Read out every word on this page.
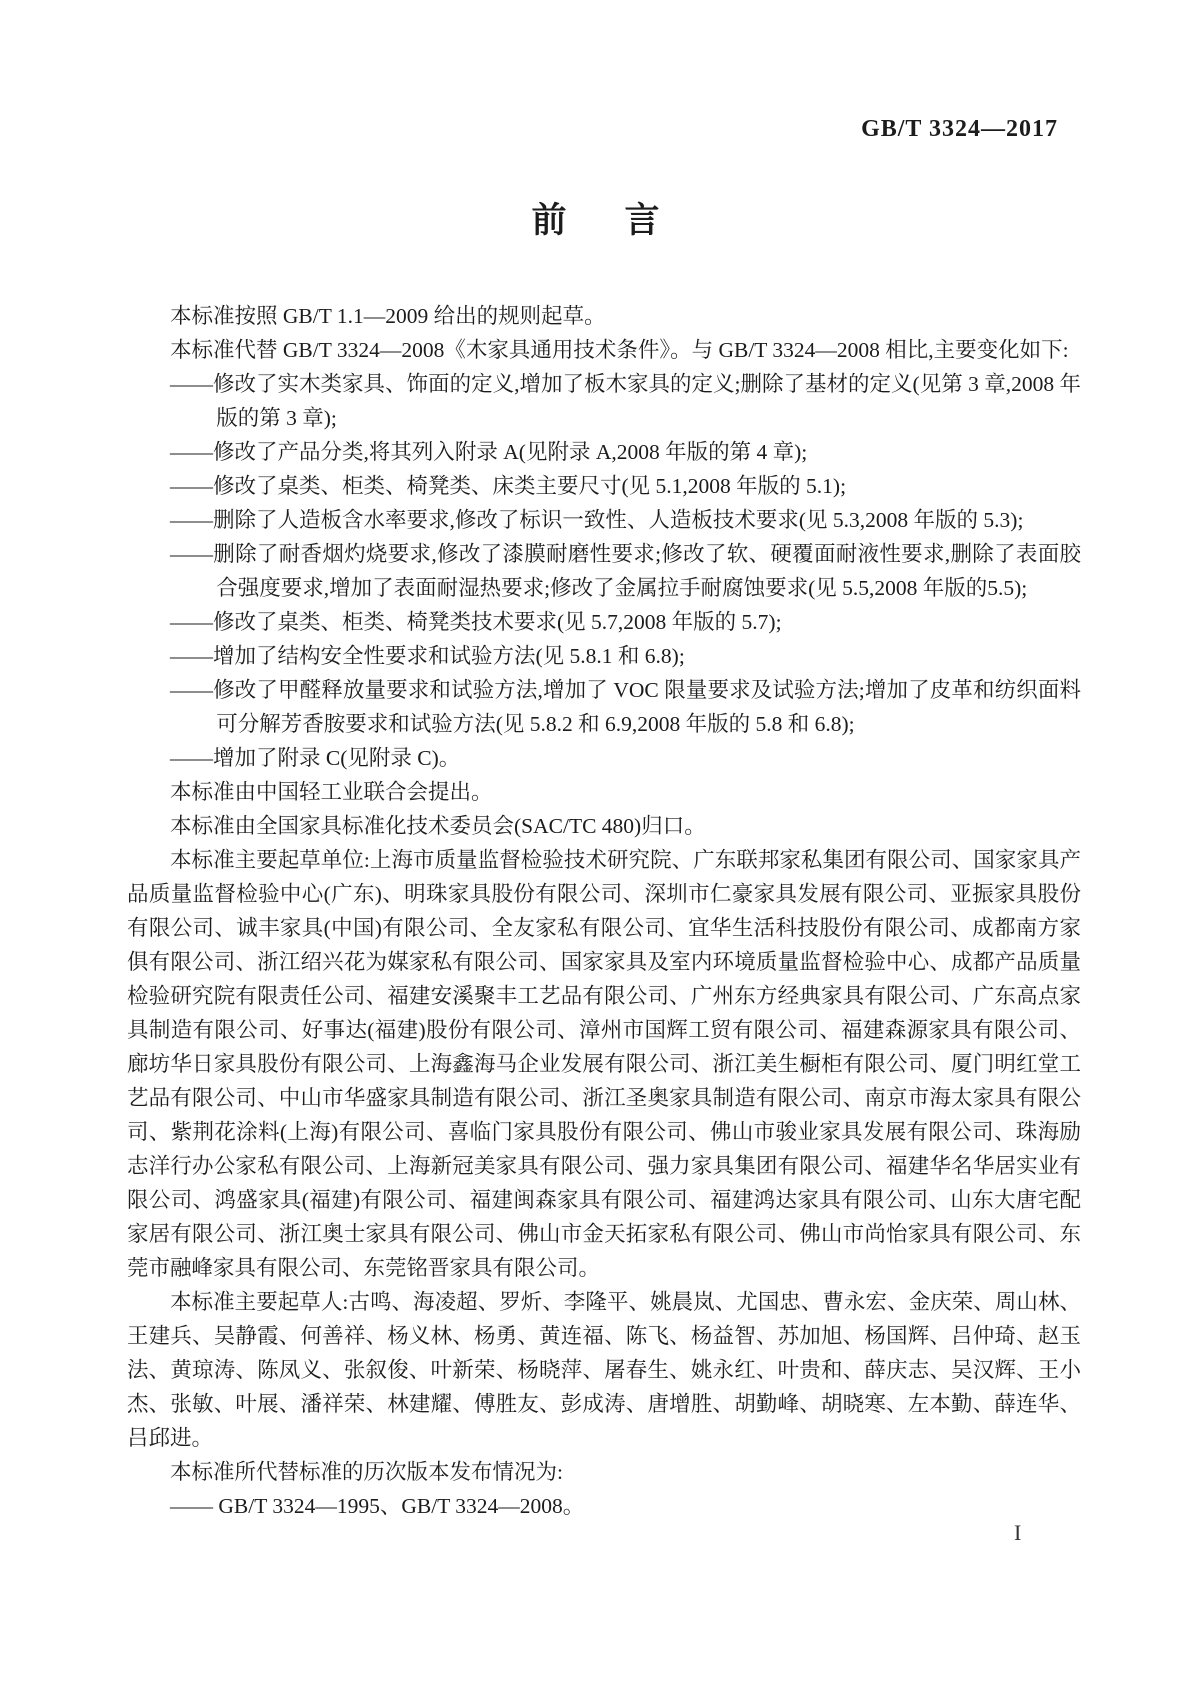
GB/T 3324—2017
前 言

本标准按照 GB/T 1.1—2009 给出的规则起草。

本标准代替 GB/T 3324—2008《木家具通用技术条件》。与 GB/T 3324—2008 相比,主要变化如下:

——修改了实木类家具、饰面的定义,增加了板木家具的定义;删除了基材的定义(见第 3 章,2008 年版的第 3 章);

——修改了产品分类,将其列入附录 A(见附录 A,2008 年版的第 4 章);

——修改了桌类、柜类、椅凳类、床类主要尺寸(见 5.1,2008 年版的 5.1);

——删除了人造板含水率要求,修改了标识一致性、人造板技术要求(见 5.3,2008 年版的 5.3);

——删除了耐香烟灼烧要求,修改了漆膜耐磨性要求;修改了软、硬覆面耐液性要求,删除了表面胶合强度要求,增加了表面耐湿热要求;修改了金属拉手耐腐蚀要求(见 5.5,2008 年版的5.5);

——修改了桌类、柜类、椅凳类技术要求(见 5.7,2008 年版的 5.7);

——增加了结构安全性要求和试验方法(见 5.8.1 和 6.8);

——修改了甲醛释放量要求和试验方法,增加了 VOC 限量要求及试验方法;增加了皮革和纺织面料可分解芳香胺要求和试验方法(见 5.8.2 和 6.9,2008 年版的 5.8 和 6.8);

——增加了附录 C(见附录 C)。

本标准由中国轻工业联合会提出。

本标准由全国家具标准化技术委员会(SAC/TC 480)归口。

本标准主要起草单位:上海市质量监督检验技术研究院、广东联邦家私集团有限公司、国家家具产品质量监督检验中心(广东)、明珠家具股份有限公司、深圳市仁豪家具发展有限公司、亚振家具股份有限公司、诚丰家具(中国)有限公司、全友家私有限公司、宜华生活科技股份有限公司、成都南方家俱有限公司、浙江绍兴花为媒家私有限公司、国家家具及室内环境质量监督检验中心、成都产品质量检验研究院有限责任公司、福建安溪聚丰工艺品有限公司、广州东方经典家具有限公司、广东高点家具制造有限公司、好事达(福建)股份有限公司、漳州市国辉工贸有限公司、福建森源家具有限公司、廊坊华日家具股份有限公司、上海鑫海马企业发展有限公司、浙江美生橱柜有限公司、厦门明红堂工艺品有限公司、中山市华盛家具制造有限公司、浙江圣奥家具制造有限公司、南京市海太家具有限公司、紫荆花涂料(上海)有限公司、喜临门家具股份有限公司、佛山市骏业家具发展有限公司、珠海励志洋行办公家私有限公司、上海新冠美家具有限公司、强力家具集团有限公司、福建华名华居实业有限公司、鸿盛家具(福建)有限公司、福建闽森家具有限公司、福建鸿达家具有限公司、山东大唐宅配家居有限公司、浙江奥士家具有限公司、佛山市金天拓家私有限公司、佛山市尚怡家具有限公司、东莞市融峰家具有限公司、东莞铭晋家具有限公司。

本标准主要起草人:古鸣、海凌超、罗炘、李隆平、姚晨岚、尤国忠、曹永宏、金庆荣、周山林、王建兵、吴静霞、何善祥、杨义林、杨勇、黄连福、陈飞、杨益智、苏加旭、杨国辉、吕仲琦、赵玉法、黄琼涛、陈凤义、张叙俊、叶新荣、杨晓萍、屠春生、姚永红、叶贵和、薛庆志、吴汉辉、王小杰、张敏、叶展、潘祥荣、林建耀、傅胜友、彭成涛、唐增胜、胡勤峰、胡晓寒、左本勤、薛连华、吕邱进。

本标准所代替标准的历次版本发布情况为:

—— GB/T 3324—1995、GB/T 3324—2008。

I
